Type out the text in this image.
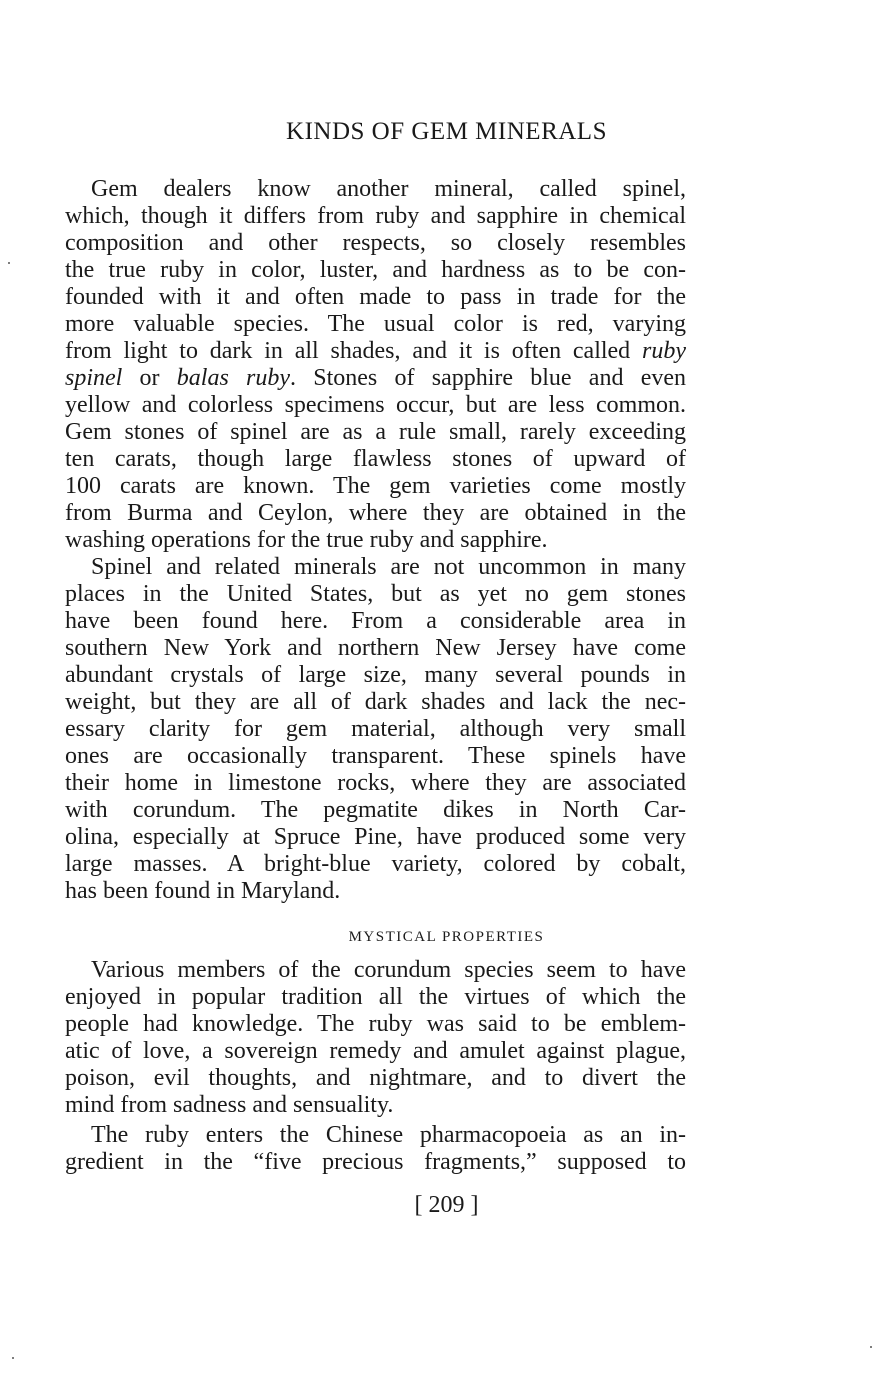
KINDS OF GEM MINERALS
Gem dealers know another mineral, called spinel,
which, though it differs from ruby and sapphire in chemical
composition and other respects, so closely resembles
the true ruby in color, luster, and hardness as to be con-
founded with it and often made to pass in trade for the
more valuable species. The usual color is red, varying
from light to dark in all shades, and it is often called ruby
spinel or balas ruby. Stones of sapphire blue and even
yellow and colorless specimens occur, but are less common.
Gem stones of spinel are as a rule small, rarely exceeding
ten carats, though large flawless stones of upward of
100 carats are known. The gem varieties come mostly
from Burma and Ceylon, where they are obtained in the
washing operations for the true ruby and sapphire.
Spinel and related minerals are not uncommon in many
places in the United States, but as yet no gem stones
have been found here. From a considerable area in
southern New York and northern New Jersey have come
abundant crystals of large size, many several pounds in
weight, but they are all of dark shades and lack the nec-
essary clarity for gem material, although very small
ones are occasionally transparent. These spinels have
their home in limestone rocks, where they are associated
with corundum. The pegmatite dikes in North Car-
olina, especially at Spruce Pine, have produced some very
large masses. A bright-blue variety, colored by cobalt,
has been found in Maryland.
MYSTICAL PROPERTIES
Various members of the corundum species seem to have
enjoyed in popular tradition all the virtues of which the
people had knowledge. The ruby was said to be emblem-
atic of love, a sovereign remedy and amulet against plague,
poison, evil thoughts, and nightmare, and to divert the
mind from sadness and sensuality.
The ruby enters the Chinese pharmacopoeia as an in-
gredient in the “five precious fragments,” supposed to
[ 209 ]
